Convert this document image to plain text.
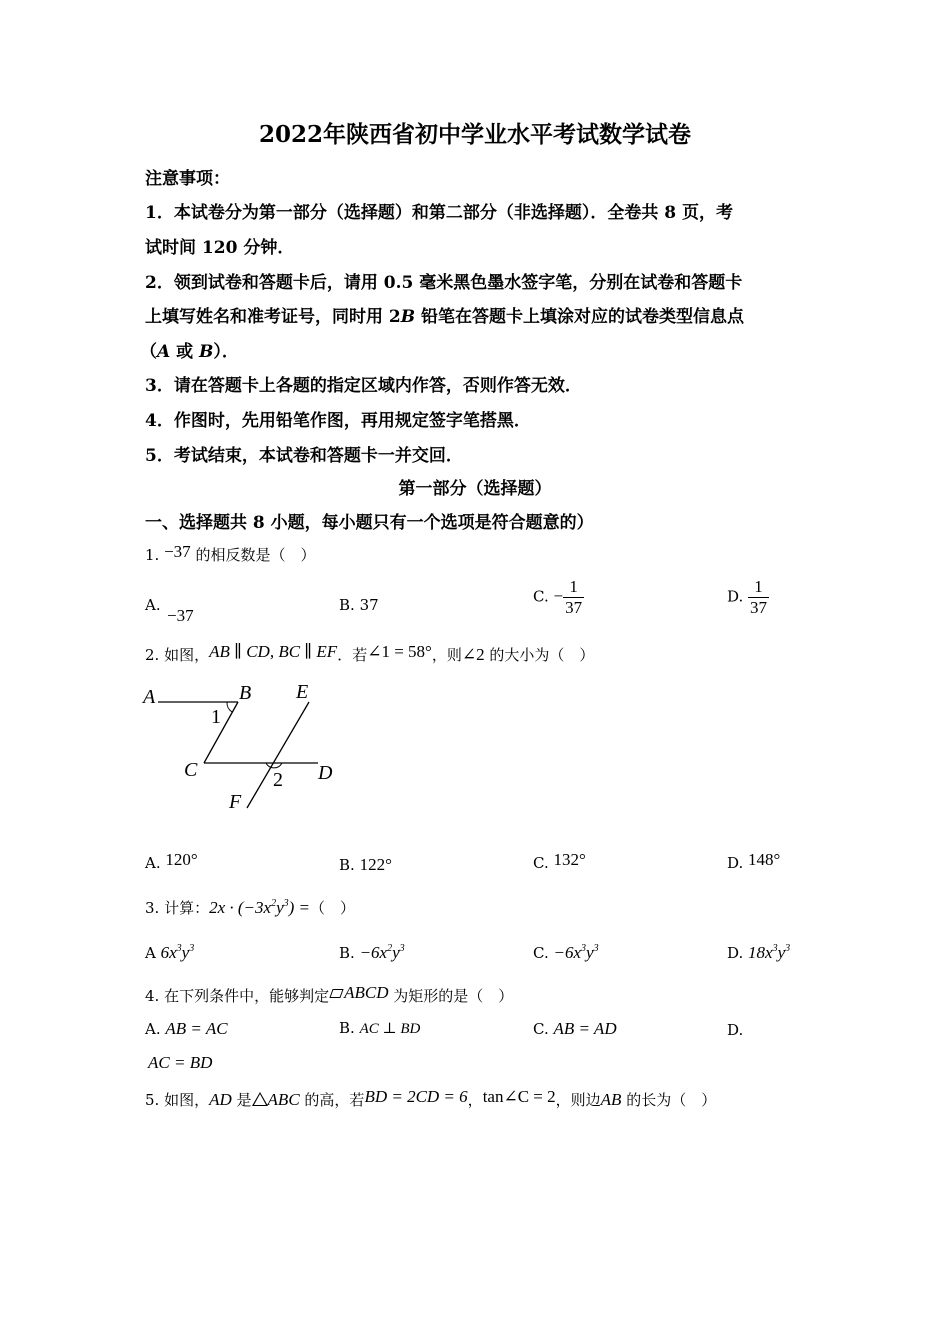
2022年陕西省初中学业水平考试数学试卷
注意事项：
1．本试卷分为第一部分（选择题）和第二部分（非选择题）．全卷共 8 页，考
试时间 120 分钟．
2．领到试卷和答题卡后，请用 0.5 毫米黑色墨水签字笔，分别在试卷和答题卡
上填写姓名和准考证号，同时用 2B 铅笔在答题卡上填涂对应的试卷类型信息点
（A 或 B）．
3．请在答题卡上各题的指定区域内作答，否则作答无效．
4．作图时，先用铅笔作图，再用规定签字笔搭黑．
5．考试结束，本试卷和答题卡一并交回．
第一部分（选择题）
一、选择题共 8 小题，每小题只有一个选项是符合题意的）
1. −37 的相反数是（　）
A.
−37
B. 37	C. − $\frac{1}{37}$	D. $\frac{1}{37}$
2. 如图，AB ∥ CD, BC ∥ EF．若∠1 = 58°，则∠2 的大小为（　）
A	B E
1
C	2 D
F
A. 120°	B. 122°	C. 132°	D. 148°
3. 计算：$2x \cdot (-3x^2y^3)$ =（　）
A $6x^3y^3$	B. $-6x^2y^3$	C. $-6x^3y^3$	D. $18x^3y^3$
4. 在下列条件中，能够判定 ABCD 为矩形的是（　）
A. AB = AC	B. AC ⊥ BD	C. AB = AD	D.
AC = BD
5. 如图，AD 是 ABC 的高，若BD = 2CD = 6，tan∠C = 2，则边AB 的长为（　）
